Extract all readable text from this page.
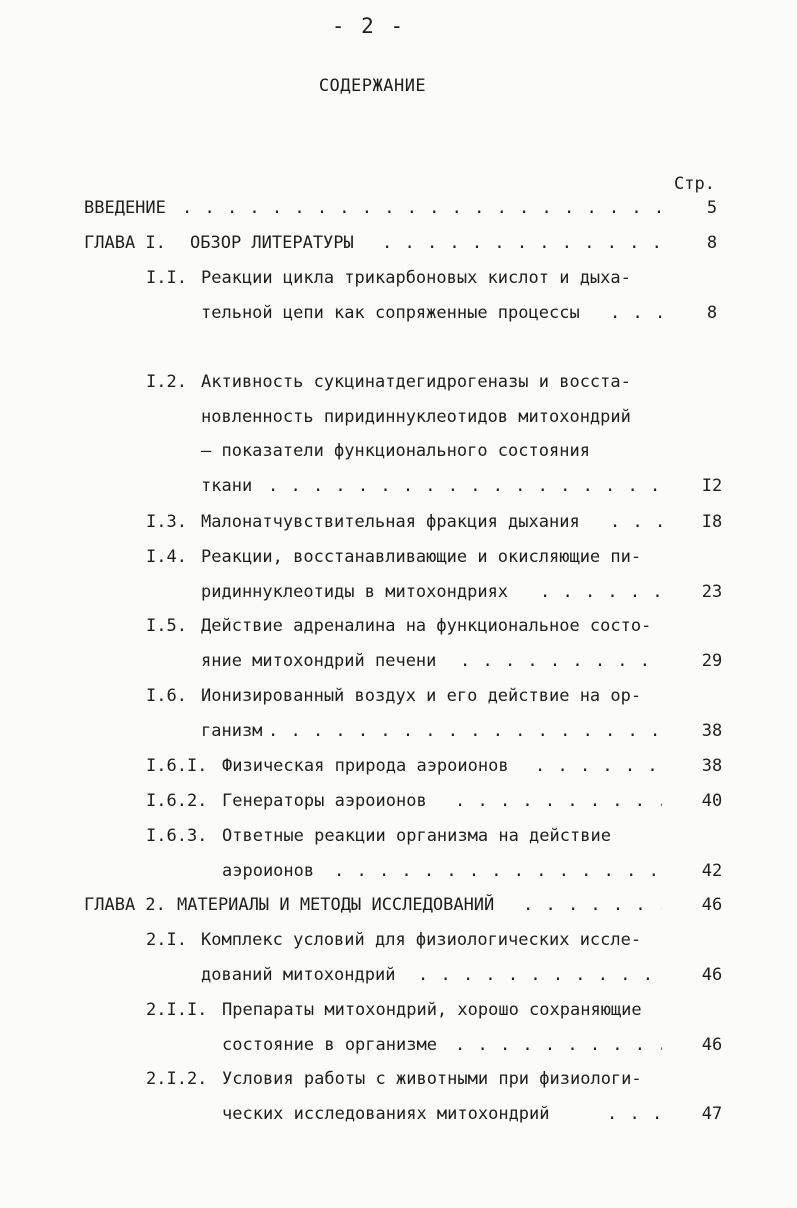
- 2 -
СОДЕРЖАНИЕ
Стр.
ВВЕДЕНИЕ . . .	5
ГЛАВА I. ОБЗОР ЛИТЕРАТУРЫ . . .	8
I.I. Реакции цикла трикарбоновых кислот и дыха-
тельной цепи как сопряженные процессы . . .	8
I.2. Активность сукцинатдегидрогеназы и восста-
новленность пиридиннуклеотидов митохондрий
– показатели функционального состояния
ткани . . .	I2
I.3. Малонатчувствительная фракция дыхания . . .	I8
I.4. Реакции, восстанавливающие и окисляющие пи-
ридиннуклеотиды в митохондриях . . .	23
I.5. Действие адреналина на функциональное состо-
яние митохондрий печени . . .	29
I.6. Ионизированный воздух и его действие на ор-
ганизм . . .	38
I.6.I. Физическая природа аэроионов . . .	38
I.6.2. Генераторы аэроионов . . .	40
I.6.3. Ответные реакции организма на действие
аэроионов . . .	42
ГЛАВА 2. МАТЕРИАЛЫ И МЕТОДЫ ИССЛЕДОВАНИЙ . . .	46
2.I. Комплекс условий для физиологических иссле-
дований митохондрий . . .	46
2.I.I. Препараты митохондрий, хорошо сохраняющие
состояние в организме . . .	46
2.I.2. Условия работы с животными при физиологи-
ческих исследованиях митохондрий . . .	47
